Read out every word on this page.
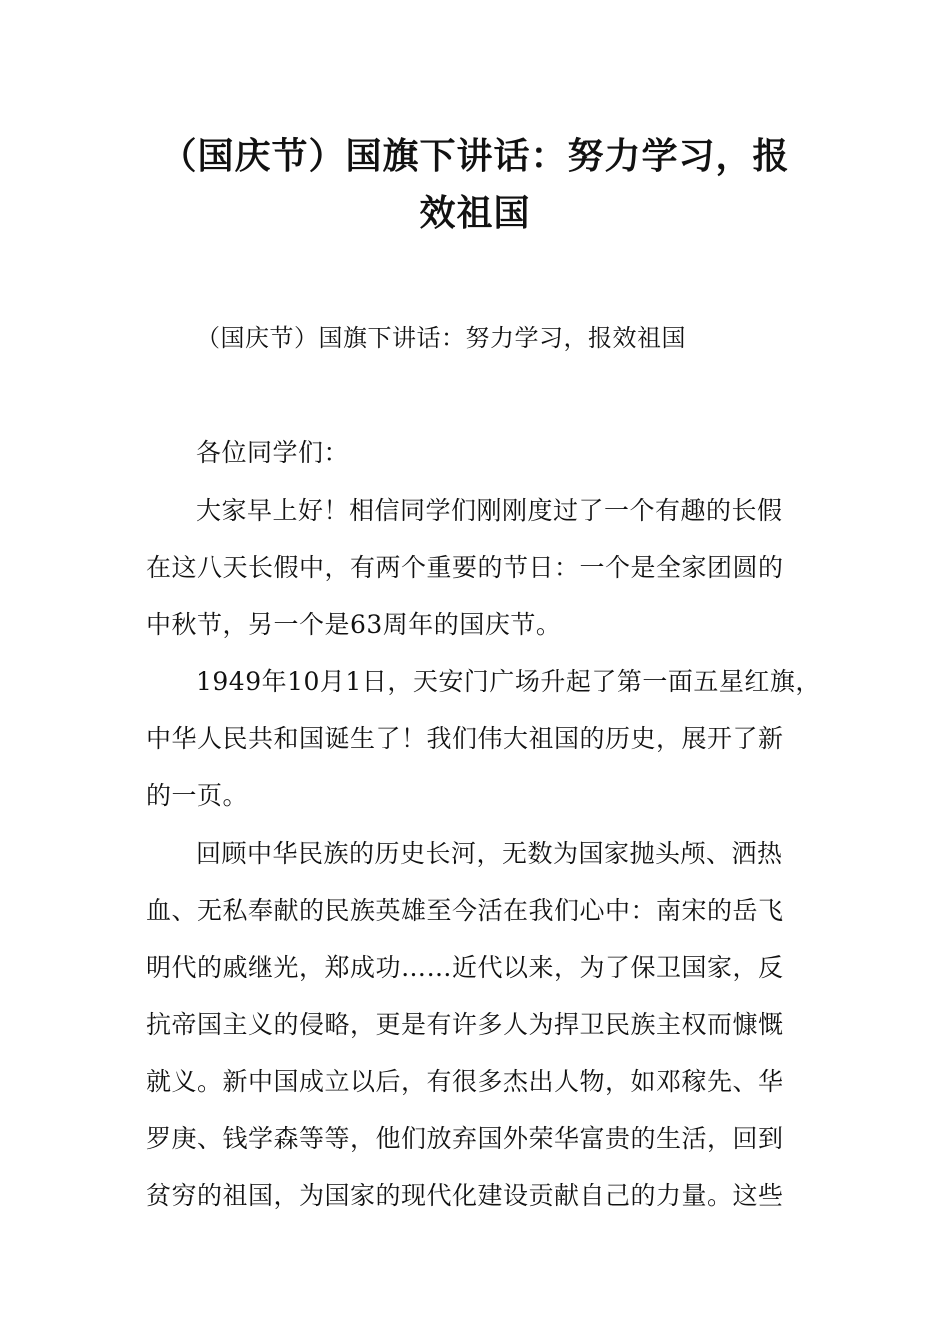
（国庆节）国旗下讲话：努力学习，报
效祖国

（国庆节）国旗下讲话：努力学习，报效祖国

各位同学们：

大家早上好！相信同学们刚刚度过了一个有趣的长假

在这八天长假中，有两个重要的节日：一个是全家团圆的

中秋节，另一个是63周年的国庆节。

1949年10月1日，天安门广场升起了第一面五星红旗，

中华人民共和国诞生了！我们伟大祖国的历史，展开了新

的一页。

回顾中华民族的历史长河，无数为国家抛头颅、洒热

血、无私奉献的民族英雄至今活在我们心中：南宋的岳飞

明代的戚继光，郑成功……近代以来，为了保卫国家，反

抗帝国主义的侵略，更是有许多人为捍卫民族主权而慷慨

就义。新中国成立以后，有很多杰出人物，如邓稼先、华

罗庚、钱学森等等，他们放弃国外荣华富贵的生活，回到

贫穷的祖国，为国家的现代化建设贡献自己的力量。这些
